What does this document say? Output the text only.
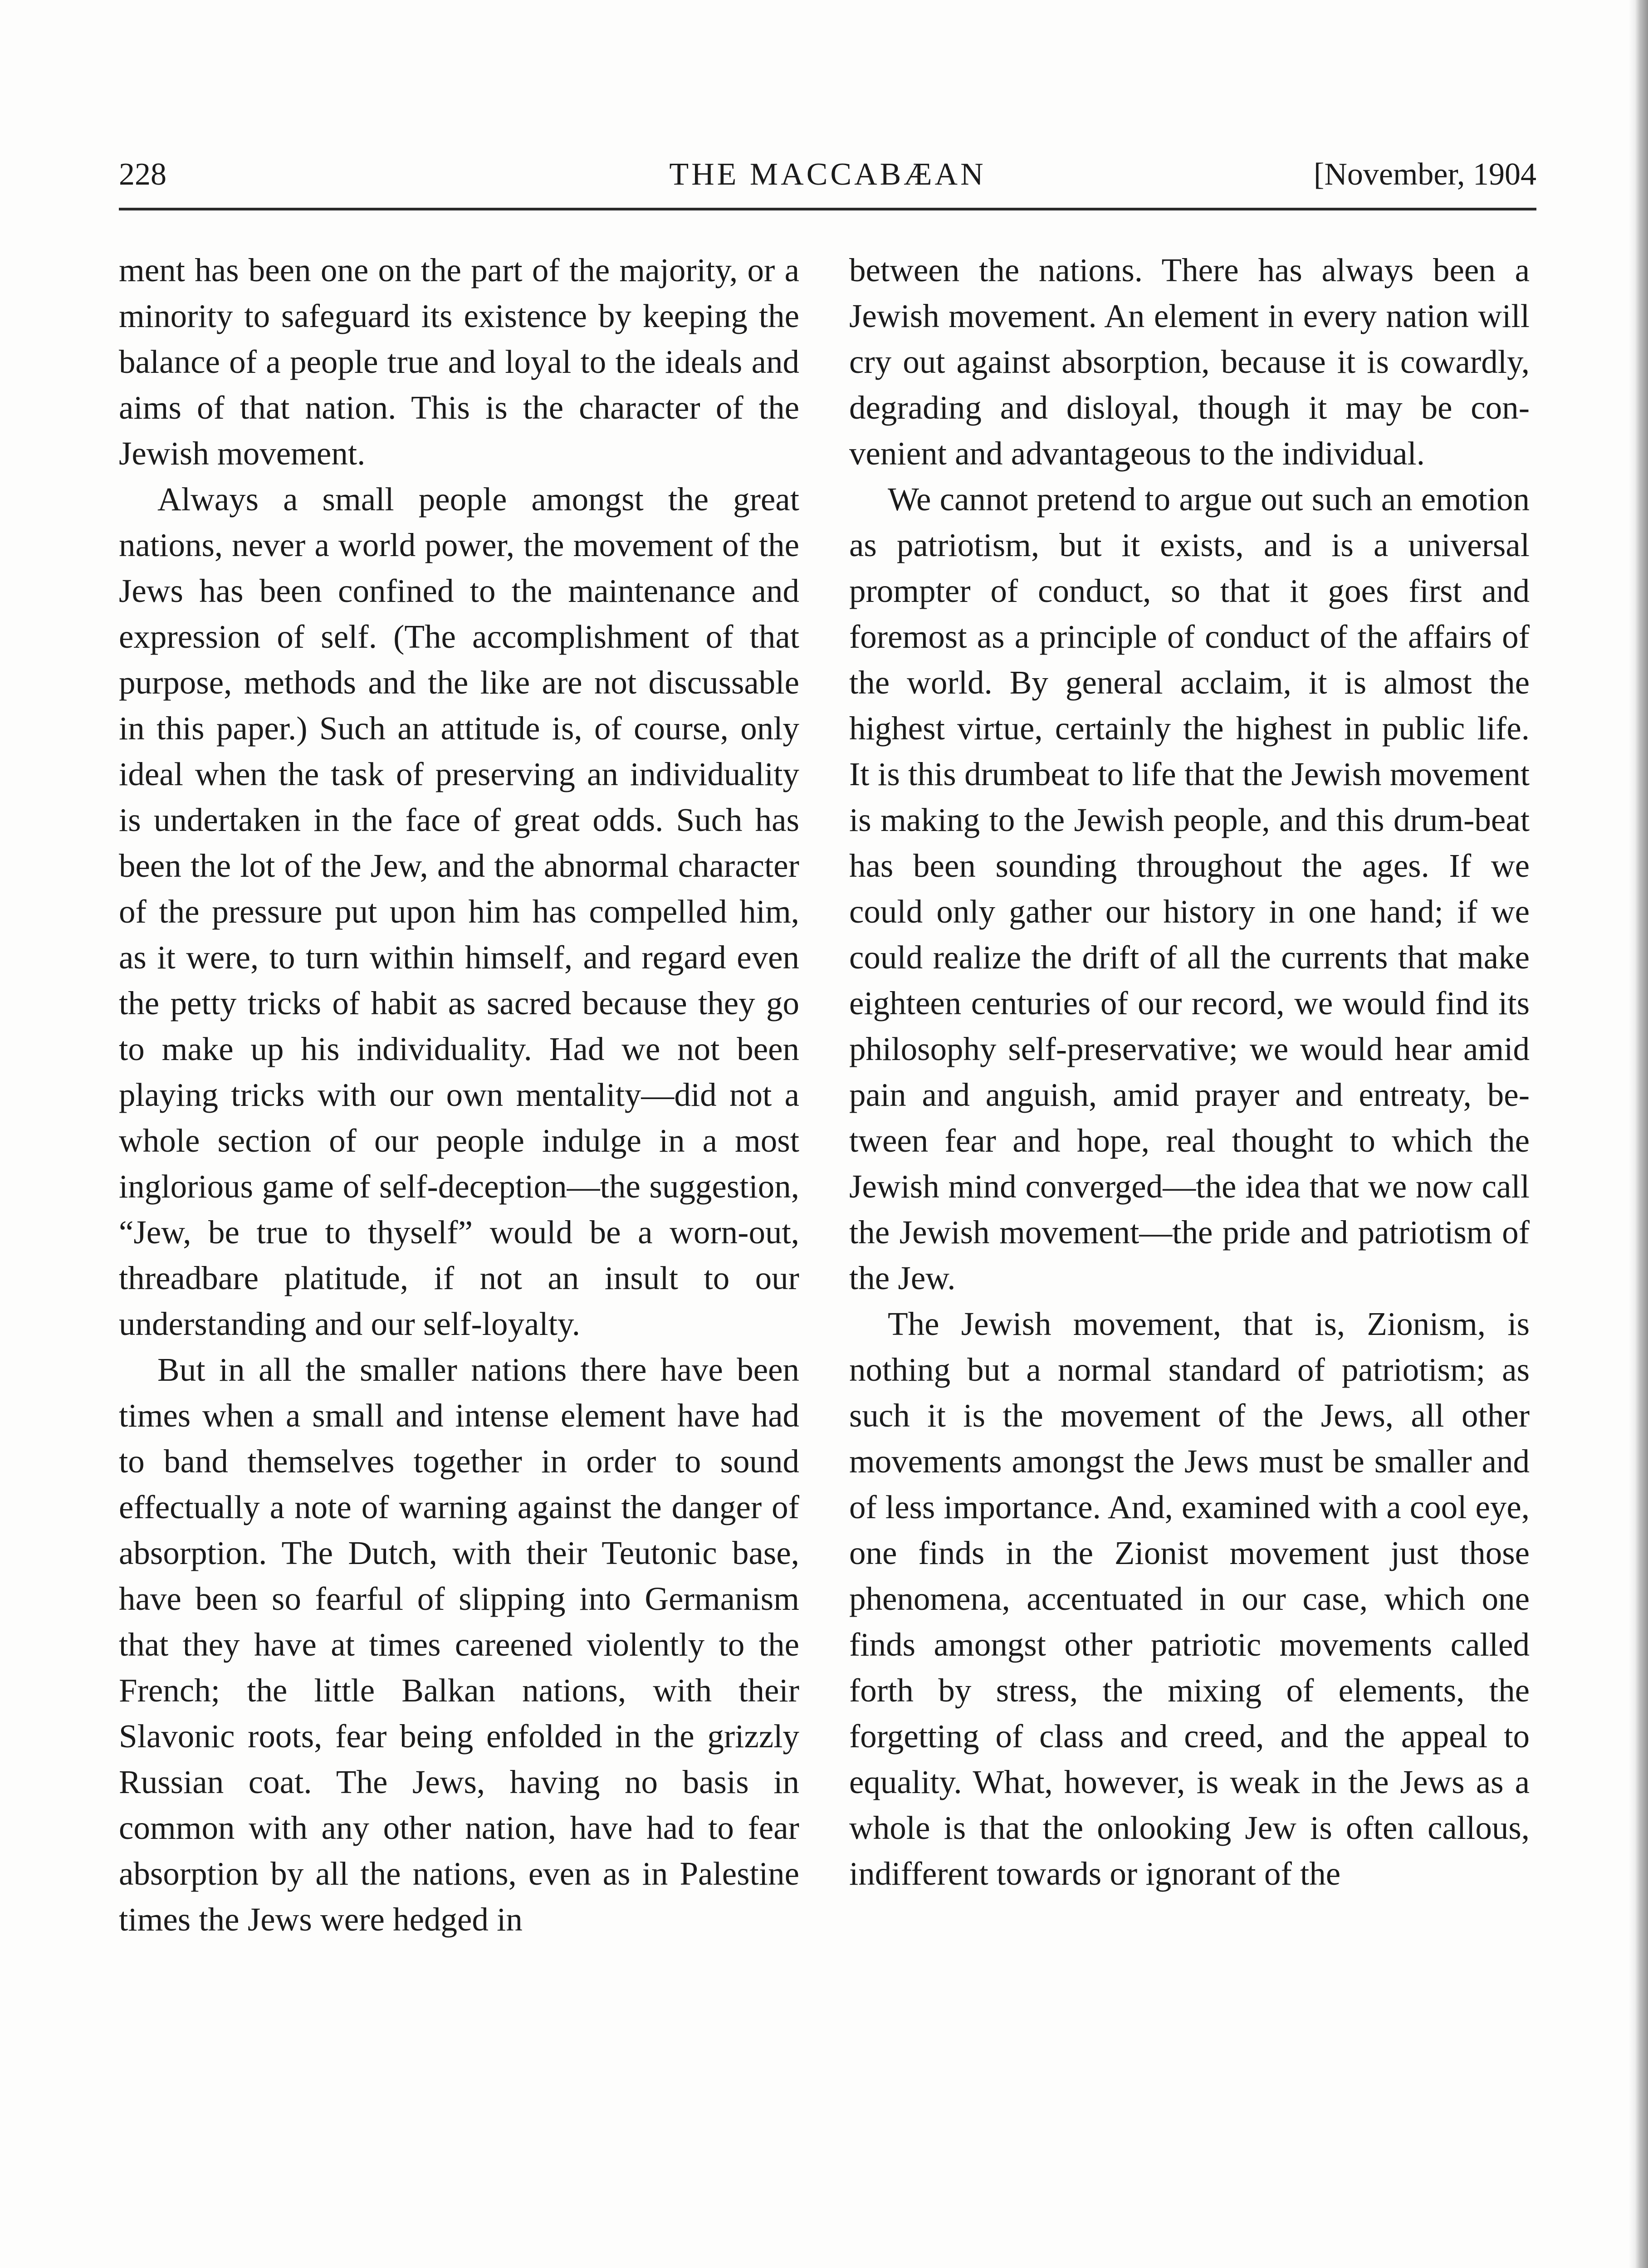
228	THE MACCABÆAN	[November, 1904

ment has been one on the part of the majority, or a minority to safeguard its existence by keeping the balance of a people true and loyal to the ideals and aims of that nation. This is the character of the Jewish movement.

Always a small people amongst the great nations, never a world power, the movement of the Jews has been confined to the maintenance and expression of self. (The accomplishment of that purpose, methods and the like are not discussable in this paper.) Such an attitude is, of course, only ideal when the task of preserving an individuality is undertaken in the face of great odds. Such has been the lot of the Jew, and the abnormal character of the pressure put upon him has compelled him, as it were, to turn within himself, and regard even the petty tricks of habit as sacred because they go to make up his individuality. Had we not been playing tricks with our own mentality—did not a whole section of our people indulge in a most inglorious game of self-deception—the suggestion, “Jew, be true to thyself” would be a worn-out, threadbare platitude, if not an insult to our understanding and our self-loyalty.

But in all the smaller nations there have been times when a small and intense element have had to band themselves together in order to sound effectually a note of warning against the danger of absorption. The Dutch, with their Teutonic base, have been so fearful of slipping into Germanism that they have at times careened violently to the French; the little Balkan nations, with their Slavonic roots, fear being enfolded in the grizzly Russian coat. The Jews, having no basis in common with any other nation, have had to fear absorption by all the nations, even as in Palestine times the Jews were hedged in

between the nations. There has always been a Jewish movement. An element in every nation will cry out against absorption, because it is cowardly, degrading and disloyal, though it may be convenient and advantageous to the individual.

We cannot pretend to argue out such an emotion as patriotism, but it exists, and is a universal prompter of conduct, so that it goes first and foremost as a principle of conduct of the affairs of the world. By general acclaim, it is almost the highest virtue, certainly the highest in public life. It is this drumbeat to life that the Jewish movement is making to the Jewish people, and this drum-beat has been sounding throughout the ages. If we could only gather our history in one hand; if we could realize the drift of all the currents that make eighteen centuries of our record, we would find its philosophy self-preservative; we would hear amid pain and anguish, amid prayer and entreaty, between fear and hope, real thought to which the Jewish mind converged—the idea that we now call the Jewish movement—the pride and patriotism of the Jew.

The Jewish movement, that is, Zionism, is nothing but a normal standard of patriotism; as such it is the movement of the Jews, all other movements amongst the Jews must be smaller and of less importance. And, examined with a cool eye, one finds in the Zionist movement just those phenomena, accentuated in our case, which one finds amongst other patriotic movements called forth by stress, the mixing of elements, the forgetting of class and creed, and the appeal to equality. What, however, is weak in the Jews as a whole is that the onlooking Jew is often callous, indifferent towards or ignorant of the
